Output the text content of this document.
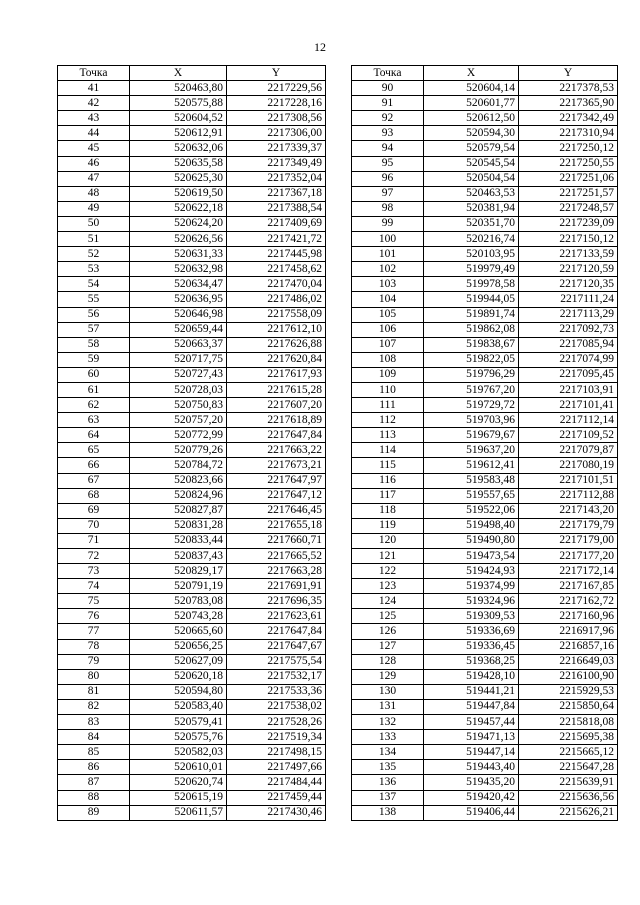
12
Точка	X	Y
41	520463,80	2217229,56
42	520575,88	2217228,16
43	520604,52	2217308,56
44	520612,91	2217306,00
45	520632,06	2217339,37
46	520635,58	2217349,49
47	520625,30	2217352,04
48	520619,50	2217367,18
49	520622,18	2217388,54
50	520624,20	2217409,69
51	520626,56	2217421,72
52	520631,33	2217445,98
53	520632,98	2217458,62
54	520634,47	2217470,04
55	520636,95	2217486,02
56	520646,98	2217558,09
57	520659,44	2217612,10
58	520663,37	2217626,88
59	520717,75	2217620,84
60	520727,43	2217617,93
61	520728,03	2217615,28
62	520750,83	2217607,20
63	520757,20	2217618,89
64	520772,99	2217647,84
65	520779,26	2217663,22
66	520784,72	2217673,21
67	520823,66	2217647,97
68	520824,96	2217647,12
69	520827,87	2217646,45
70	520831,28	2217655,18
71	520833,44	2217660,71
72	520837,43	2217665,52
73	520829,17	2217663,28
74	520791,19	2217691,91
75	520783,08	2217696,35
76	520743,28	2217623,61
77	520665,60	2217647,84
78	520656,25	2217647,67
79	520627,09	2217575,54
80	520620,18	2217532,17
81	520594,80	2217533,36
82	520583,40	2217538,02
83	520579,41	2217528,26
84	520575,76	2217519,34
85	520582,03	2217498,15
86	520610,01	2217497,66
87	520620,74	2217484,44
88	520615,19	2217459,44
89	520611,57	2217430,46
Точка	X	Y
90	520604,14	2217378,53
91	520601,77	2217365,90
92	520612,50	2217342,49
93	520594,30	2217310,94
94	520579,54	2217250,12
95	520545,54	2217250,55
96	520504,54	2217251,06
97	520463,53	2217251,57
98	520381,94	2217248,57
99	520351,70	2217239,09
100	520216,74	2217150,12
101	520103,95	2217133,59
102	519979,49	2217120,59
103	519978,58	2217120,35
104	519944,05	2217111,24
105	519891,74	2217113,29
106	519862,08	2217092,73
107	519838,67	2217085,94
108	519822,05	2217074,99
109	519796,29	2217095,45
110	519767,20	2217103,91
111	519729,72	2217101,41
112	519703,96	2217112,14
113	519679,67	2217109,52
114	519637,20	2217079,87
115	519612,41	2217080,19
116	519583,48	2217101,51
117	519557,65	2217112,88
118	519522,06	2217143,20
119	519498,40	2217179,79
120	519490,80	2217179,00
121	519473,54	2217177,20
122	519424,93	2217172,14
123	519374,99	2217167,85
124	519324,96	2217162,72
125	519309,53	2217160,96
126	519336,69	2216917,96
127	519336,45	2216857,16
128	519368,25	2216649,03
129	519428,10	2216100,90
130	519441,21	2215929,53
131	519447,84	2215850,64
132	519457,44	2215818,08
133	519471,13	2215695,38
134	519447,14	2215665,12
135	519443,40	2215647,28
136	519435,20	2215639,91
137	519420,42	2215636,56
138	519406,44	2215626,21
